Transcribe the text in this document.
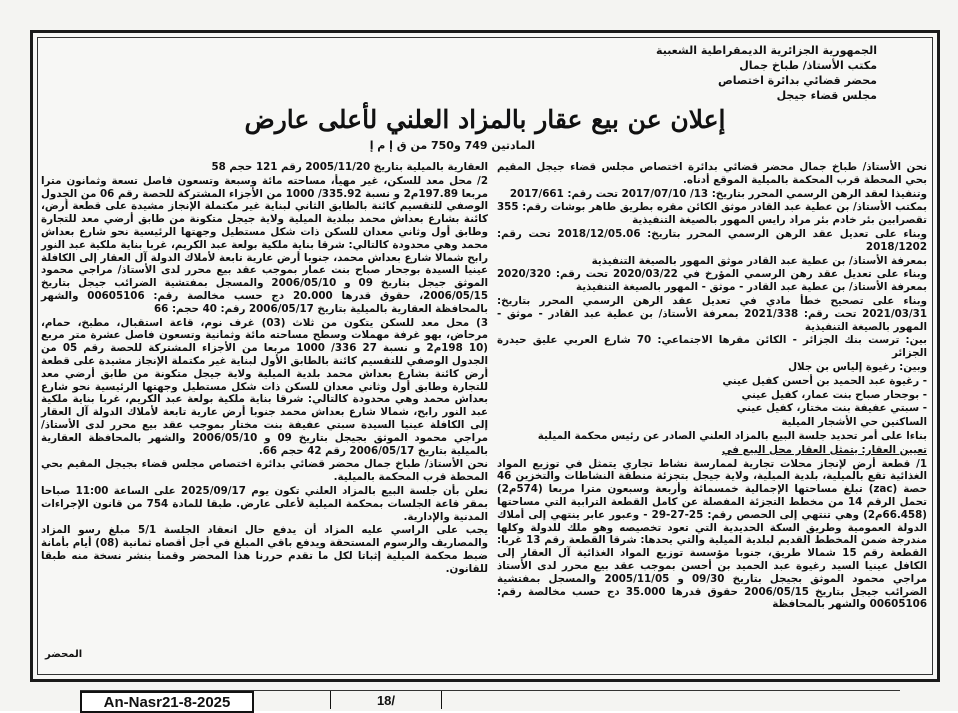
الجمهورية الجزائرية الديمقراطية الشعبية
مكتب الأستاذ/ طباخ جمال
محضر قضائي بدائرة اختصاص
مجلس قضاء جيجل
إعلان عن بيع عقار بالمزاد العلني لأعلى عارض
المادتين 749 و750 من ق إ م إ

نحن الأستاذ/ طباخ جمال محضر قضائي بدائرة اختصاص مجلس قضاء جيجل المقيم بحي المحطة قرب المحكمة بالميلية الموقع أدناه.

وتنفيذا لعقد الرهن الرسمي المحرر بتاريخ: 13/ 2017/07/10 تحت رقم: 2017/661

بمكتب الأستاذ/ بن عطية عبد القادر موثق الكائن مقره بطريق طاهر بوشات رقم: 355 تقصرابين بئر خادم بئر مراد رايس المهور بالصيغة التنفيذية

وبناء على تعديل عقد الرهن الرسمي المحرر بتاريخ: 2018/12/05.06 تحت رقم: 2018/1202

بمعرفة الأستاذ/ بن عطية عبد القادر موثق المهور بالصيغة التنفيذية

وبناء على تعديل عقد رهن الرسمي المؤرخ في 2020/03/22 تحت رقم: 2020/320 بمعرفة الأستاذ/ بن عطية عبد القادر - موثق - المهور بالصيغة التنفيذية

وبناء على تصحيح خطأ مادي في تعديل عقد الرهن الرسمي المحرر بتاريخ: 2021/03/31 تحت رقم: 2021/338 بمعرفة الأستاذ/ بن عطية عبد القادر - موثق - المهور بالصيغة التنفيذية

بين: ترست بنك الجزائر - الكائن مقرها الاجتماعي: 70 شارع العربي عليق حيدرة الجزائر

وبين: رغيوة إلياس بن جلال

- رغيوة عبد الحميد بن أحسن كفيل عيني

- بوجحار صباح بنت عمار، كفيل عيني

- سبتي عفيفة بنت مختار، كفيل عيني

الساكنين حي الأشجار الميلية

بناءا على أمر تحديد جلسة البيع بالمزاد العلني الصادر عن رئيس محكمة الميلية

تعيين العقار: يتمثل العقار محل البيع في

1/ قطعة أرض لإنجاز محلات تجارية لممارسة نشاط تجاري يتمثل في توزيع المواد الغذائية تقع بالميلية، بلدية الميلية، ولاية جيجل بتجزئة منطقة النشاطات والتخزين 46 حصة (zac) تبلغ مساحتها الإجمالية خمسمائة وأربعة وسبعون مترا مربعا (574م2) تحمل الرقم 14 من مخطط التجزئة المفصلة عن كامل القطعة الترابية التي مساحتها (66.458م2) وهي تنتهي إلى الحصص رقم: 25-27-29 - وعبور عابر ينتهي إلى أملاك الدولة العمومية وطريق السكة الحديدية التي تعود تخصيصه وهو ملك للدولة وكلها مندرجة ضمن المخطط القديم لبلدية الميلية والتي يحدها: شرقا القطعة رقم 13 غربا: القطعة رقم 15 شمالا طريق، جنوبا مؤسسة توزيع المواد الغذائية آل العقار إلى الكافل عينيا السيد رغيوة عبد الحميد بن أحسن بموجب عقد بيع محرر لدى الأستاذ مراجي محمود الموثق بجيجل بتاريخ 09/30 و 2005/11/05 والمسجل بمفتشية الضرائب جيجل بتاريخ 2006/05/15 حقوق قدرها 35.000 دج حسب مخالصة رقم: 00605106 والشهر بالمحافظة

العقارية بالميلية بتاريخ 2005/11/20 رقم 121 حجم 58

2/ محل معد للسكن، غير مهيأ، مساحته مائة وسبعة وتسعون فاصل تسعة وثمانون مترا مربعا 197.89م2 و نسبة 335.92/ 1000 من الأجزاء المشتركة للحصة رقم 06 من الجدول الوصفي للتقسيم كائنة بالطابق الثاني لبناية غير مكتملة الإنجاز مشيدة على قطعة أرض، كائنة بشارع بعداش محمد ببلدية الميلية ولاية جيجل متكونة من طابق أرضي معد للتجارة وطابق أول وثاني معدان للسكن ذات شكل مستطيل وجهتها الرئيسية نحو شارع بعداش محمد وهي محدودة كالتالي: شرقا بناية ملكية بولعة عبد الكريم، غربا بناية ملكية عبد النور رابح شمالا شارع بعداش محمد، جنوبا أرض عارية تابعة لأملاك الدولة آل العقار إلى الكافلة عينيا السيدة بوجحار صباح بنت عمار بموجب عقد بيع محرر لدى الأستاذ/ مراجي محمود الموثق جيجل بتاريخ 09 و 2006/05/10 والمسجل بمفتشية الضرائب جيجل بتاريخ 2006/05/15، حقوق قدرها 20.000 دج حسب مخالصة رقم: 00605106 والشهر بالمحافظة العقارية بالميلية بتاريخ 2006/05/17 رقم: 40 حجم: 66

3) محل معد للسكن يتكون من ثلاث (03) غرف نوم، قاعة استقبال، مطبخ، حمام، مرحاض، بهو غرفة مهملات وسطح مساحته مائة وثمانية وتسعون فاصل عشرة متر مربع (10 198م2 و نسبة 27 336/ 1000 مربعا من الأجزاء المشتركة للحصة رقم 05 من الجدول الوصفي للتقسيم كائنة بالطابق الأول لبناية غير مكتملة الإنجاز مشيدة على قطعة أرض كائنة بشارع بعداش محمد بلدية الميلية ولاية جيجل متكونة من طابق أرضي معد للتجارة وطابق أول وثاني معدان للسكن ذات شكل مستطيل وجهتها الرئيسية نحو شارع بعداش محمد وهي محدودة كالتالي: شرقا بناية ملكية بولعة عبد الكريم، غربا بناية ملكية عبد النور رابح، شمالا شارع بعداش محمد جنوبا أرض عارية تابعة لأملاك الدولة آل العقار إلى الكافلة عينيا السيدة سبتي عفيفة بنت مختار بموجب عقد بيع محرر لدى الأستاذ/ مراجي محمود الموثق بجيجل بتاريخ 09 و 2006/05/10 والشهر بالمحافظة العقارية بالميلية بتاريخ 2006/05/17 رقم 42 حجم 66.

نحن الأستاذ/ طباخ جمال محضر قضائي بدائرة اختصاص مجلس قضاء بجيجل المقيم بحي المحطة قرب المحكمة بالميلية.

نعلن بأن جلسة البيع بالمزاد العلني تكون يوم 2025/09/17 على الساعة 11:00 صباحا بمقر قاعة الجلسات بمحكمة الميلية لأعلى عارض. طبقا للمادة 754 من قانون الإجراءات المدنية والإدارية.

يجب على الراسي عليه المزاد أن يدفع حال انعقاد الجلسة 5/1 مبلغ رسو المزاد والمصاريف والرسوم المستحقة ويدفع باقي المبلغ في أجل أقصاه ثمانية (08) أيام بأمانة ضبط محكمة الميلية إثباتا لكل ما تقدم حررنا هذا المحضر وقمنا بنشر نسخة منه طبقا للقانون.

المحضر
An-Nasr21-8-2025	18/
